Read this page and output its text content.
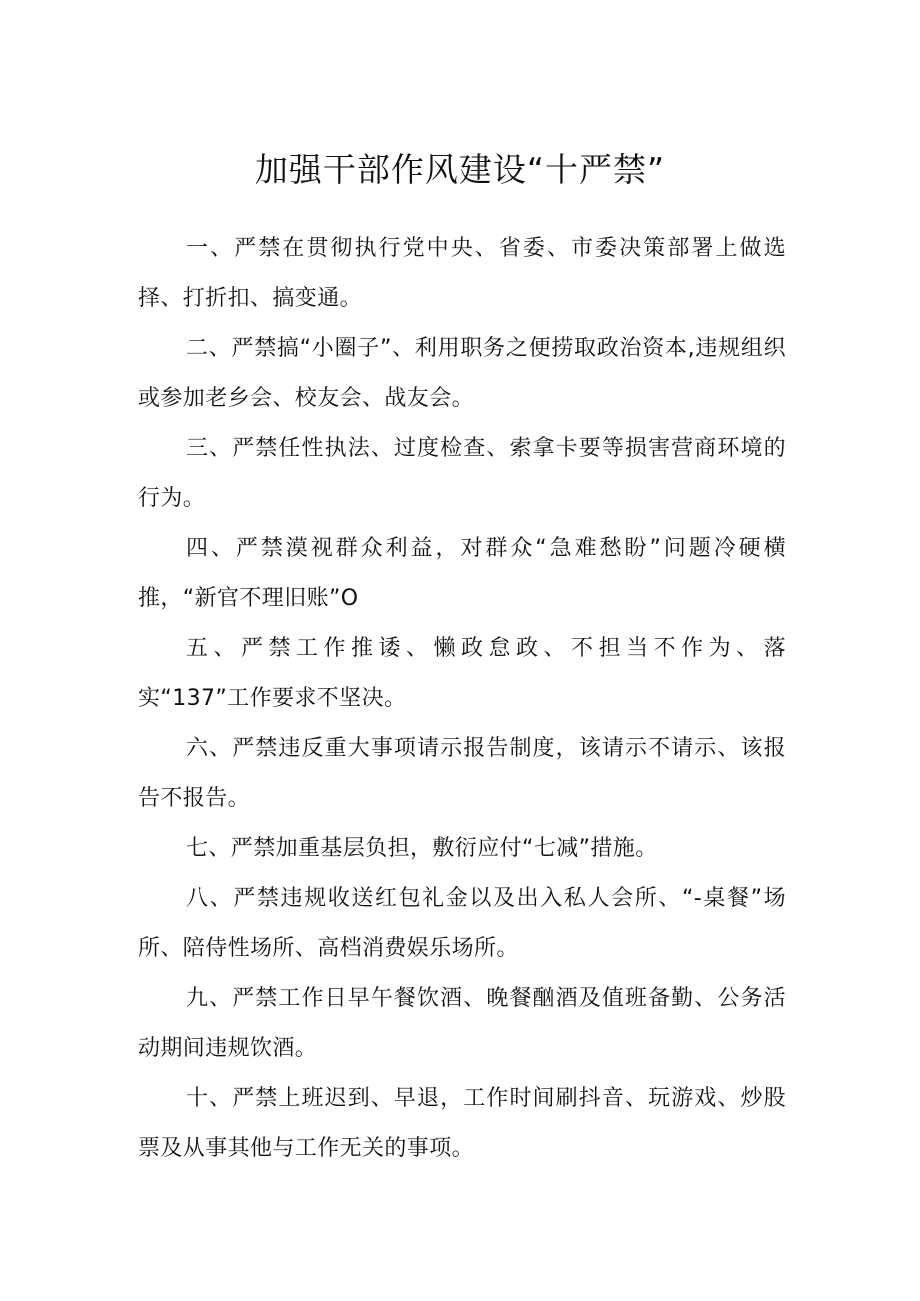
加强干部作风建设“十严禁”

一、严禁在贯彻执行党中央、省委、市委决策部署上做选择、打折扣、搞变通。

二、严禁搞“小圈子”、利用职务之便捞取政治资本,违规组织或参加老乡会、校友会、战友会。

三、严禁任性执法、过度检查、索拿卡要等损害营商环境的行为。

四、严禁漠视群众利益，对群众“急难愁盼”问题冷硬横推，“新官不理旧账”O

五、严禁工作推诿、懒政怠政、不担当不作为、落实“137”工作要求不坚决。

六、严禁违反重大事项请示报告制度，该请示不请示、该报告不报告。

七、严禁加重基层负担，敷衍应付“七减”措施。

八、严禁违规收送红包礼金以及出入私人会所、“-桌餐”场所、陪侍性场所、高档消费娱乐场所。

九、严禁工作日早午餐饮酒、晚餐酗酒及值班备勤、公务活动期间违规饮酒。

十、严禁上班迟到、早退，工作时间刷抖音、玩游戏、炒股票及从事其他与工作无关的事项。
